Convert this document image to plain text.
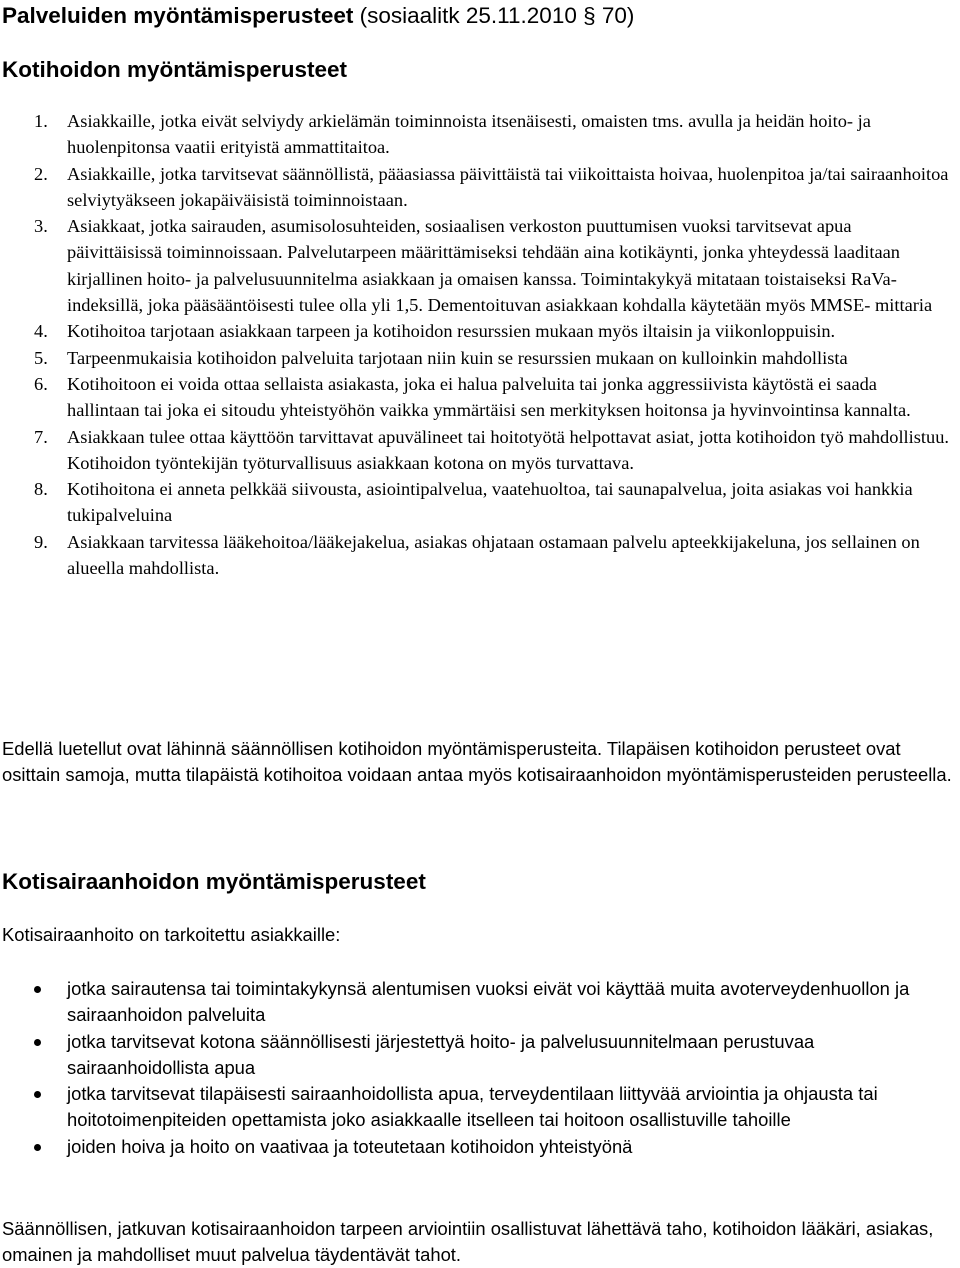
Palveluiden myöntämisperusteet (sosiaalitk 25.11.2010 § 70)
Kotihoidon myöntämisperusteet
1. Asiakkaille, jotka eivät selviydy arkielämän toiminnoista itsenäisesti, omaisten tms. avulla ja heidän hoito- ja huolenpitonsa vaatii erityistä ammattitaitoa.
2. Asiakkaille, jotka tarvitsevat säännöllistä, pääasiassa päivittäistä tai viikoittaista hoivaa, huolenpitoa ja/tai sairaanhoitoa selviytyäkseen jokapäiväisistä toiminnoistaan.
3. Asiakkaat, jotka sairauden, asumisolosuhteiden, sosiaalisen verkoston puuttumisen vuoksi tarvitsevat apua päivittäisissä toiminnoissaan. Palvelutarpeen määrittämiseksi tehdään aina kotikäynti, jonka yhteydessä laaditaan kirjallinen hoito- ja palvelusuunnitelma asiakkaan ja omaisen kanssa. Toimintakykyä mitataan toistaiseksi RaVa- indeksillä, joka pääsääntöisesti tulee olla yli 1,5. Dementoituvan asiakkaan kohdalla käytetään myös MMSE- mittaria
4. Kotihoitoa tarjotaan asiakkaan tarpeen ja kotihoidon resurssien mukaan myös iltaisin ja viikonloppuisin.
5. Tarpeenmukaisia kotihoidon palveluita tarjotaan niin kuin se resurssien mukaan on kulloinkin mahdollista
6. Kotihoitoon ei voida ottaa sellaista asiakasta, joka ei halua palveluita tai jonka aggressiivista käytöstä ei saada hallintaan tai joka ei sitoudu yhteistyöhön vaikka ymmärtäisi sen merkityksen hoitonsa ja hyvinvointinsa kannalta.
7. Asiakkaan tulee ottaa käyttöön tarvittavat apuvälineet tai hoitotyötä helpottavat asiat, jotta kotihoidon työ mahdollistuu. Kotihoidon työntekijän työturvallisuus asiakkaan kotona on myös turvattava.
8. Kotihoitona ei anneta pelkkää siivousta, asiointipalvelua, vaatehuoltoa, tai saunapalvelua, joita asiakas voi hankkia tukipalveluina
9. Asiakkaan tarvitessa lääkehoitoa/lääkejakelua, asiakas ohjataan ostamaan palvelu apteekkijakeluna, jos sellainen on alueella mahdollista.
Edellä luetellut ovat lähinnä säännöllisen kotihoidon myöntämisperusteita. Tilapäisen kotihoidon perusteet ovat osittain samoja, mutta tilapäistä kotihoitoa voidaan antaa myös kotisairaanhoidon myöntämisperusteiden perusteella.
Kotisairaanhoidon myöntämisperusteet
Kotisairaanhoito on tarkoitettu asiakkaille:
jotka sairautensa tai toimintakykynsä alentumisen vuoksi eivät voi käyttää muita avoterveydenhuollon ja sairaanhoidon palveluita
jotka tarvitsevat kotona säännöllisesti järjestettyä hoito- ja palvelusuunnitelmaan perustuvaa sairaanhoidollista apua
jotka tarvitsevat tilapäisesti sairaanhoidollista apua, terveydentilaan liittyvää arviointia ja ohjausta tai hoitotoimenpiteiden opettamista joko asiakkaalle itselleen tai hoitoon osallistuville tahoille
joiden hoiva ja hoito on vaativaa ja toteutetaan kotihoidon yhteistyönä
Säännöllisen, jatkuvan kotisairaanhoidon tarpeen arviointiin osallistuvat lähettävä taho, kotihoidon lääkäri, asiakas, omainen ja mahdolliset muut palvelua täydentävät tahot.
